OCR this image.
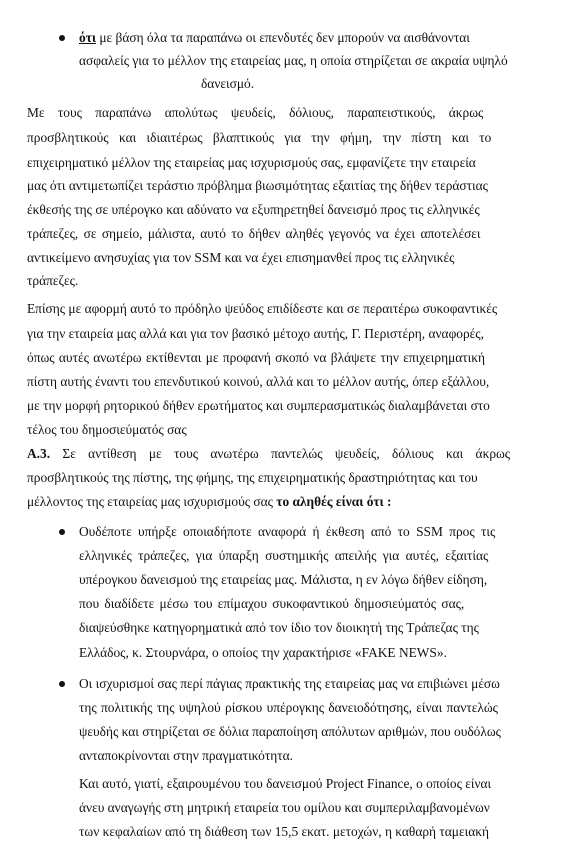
ότι με βάση όλα τα παραπάνω οι επενδυτές δεν μπορούν να αισθάνονται
ασφαλείς για το μέλλον της εταιρείας μας, η οποία στηρίζεται σε ακραία υψηλό
δανεισμό.
Με τους παραπάνω απολύτως ψευδείς, δόλιους, παραπειστικούς, άκρως
προσβλητικούς και ιδιαιτέρως βλαπτικούς για την φήμη, την πίστη και το
επιχειρηματικό μέλλον της εταιρείας μας ισχυρισμούς σας, εμφανίζετε την εταιρεία
μας ότι αντιμετωπίζει τεράστιο πρόβλημα βιωσιμότητας εξαιτίας της δήθεν τεράστιας
έκθεσής της σε υπέρογκο και αδύνατο να εξυπηρετηθεί δανεισμό προς τις ελληνικές
τράπεζες, σε σημείο, μάλιστα, αυτό το δήθεν αληθές γεγονός να έχει αποτελέσει
αντικείμενο ανησυχίας για τον SSM και να έχει επισημανθεί προς τις ελληνικές
τράπεζες.
Επίσης με αφορμή αυτό το πρόδηλο ψεύδος επιδίδεστε και σε περαιτέρω συκοφαντικές
για την εταιρεία μας αλλά και για τον βασικό μέτοχο αυτής, Γ. Περιστέρη, αναφορές,
όπως αυτές ανωτέρω εκτίθενται με προφανή σκοπό να βλάψετε την επιχειρηματική
πίστη αυτής έναντι του επενδυτικού κοινού, αλλά και το μέλλον αυτής, όπερ εξάλλου,
με την μορφή ρητορικού δήθεν ερωτήματος και συμπερασματικώς διαλαμβάνεται στο
τέλος του δημοσιεύματός σας
Α.3. Σε αντίθεση με τους ανωτέρω παντελώς ψευδείς, δόλιους και άκρως
προσβλητικούς της πίστης, της φήμης, της επιχειρηματικής δραστηριότητας και του
μέλλοντος της εταιρείας μας ισχυρισμούς σας το αληθές είναι ότι :
Ουδέποτε υπήρξε οποιαδήποτε αναφορά ή έκθεση από το SSM προς τις
ελληνικές τράπεζες, για ύπαρξη συστημικής απειλής για αυτές, εξαιτίας
υπέρογκου δανεισμού της εταιρείας μας. Μάλιστα, η εν λόγω δήθεν είδηση,
που διαδίδετε μέσω του επίμαχου συκοφαντικού δημοσιεύματός σας,
διαψεύσθηκε κατηγορηματικά από τον ίδιο τον διοικητή της Τράπεζας της
Ελλάδος, κ. Στουρνάρα, ο οποίος την χαρακτήρισε «FAKE NEWS».
Οι ισχυρισμοί σας περί πάγιας πρακτικής της εταιρείας μας να επιβιώνει μέσω
της πολιτικής της υψηλού ρίσκου υπέρογκης δανειοδότησης, είναι παντελώς
ψευδής και στηρίζεται σε δόλια παραποίηση απόλυτων αριθμών, που ουδόλως
ανταποκρίνονται στην πραγματικότητα.
Και αυτό, γιατί, εξαιρουμένου του δανεισμού Project Finance, ο οποίος είναι
άνευ αναγωγής στη μητρική εταιρεία του ομίλου και συμπεριλαμβανομένων
των κεφαλαίων από τη διάθεση των 15,5 εκατ. μετοχών, η καθαρή ταμειακή
